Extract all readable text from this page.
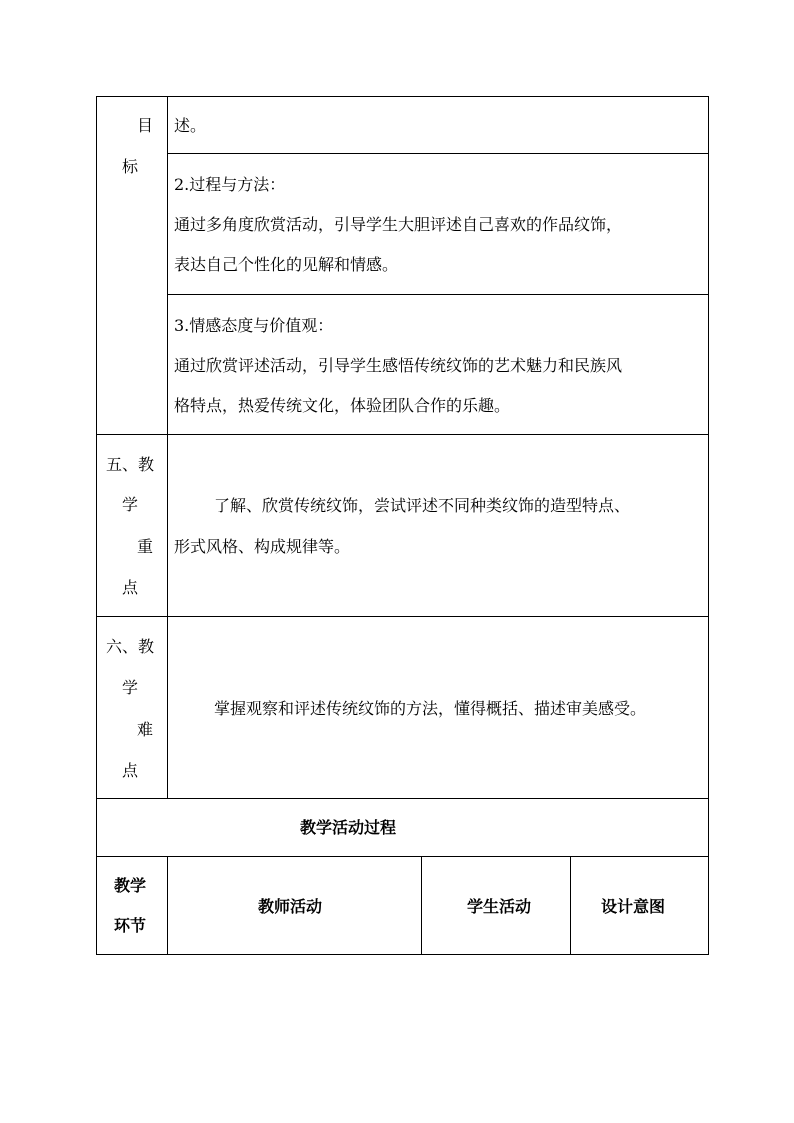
目
标
述。
2.过程与方法：
通过多角度欣赏活动，引导学生大胆评述自己喜欢的作品纹饰，
表达自己个性化的见解和情感。
3.情感态度与价值观：
通过欣赏评述活动，引导学生感悟传统纹饰的艺术魅力和民族风
格特点，热爱传统文化，体验团队合作的乐趣。
五、教
学
重
点
了解、欣赏传统纹饰，尝试评述不同种类纹饰的造型特点、
形式风格、构成规律等。
六、教
学
难
点
掌握观察和评述传统纹饰的方法，懂得概括、描述审美感受。
教学活动过程
教学
环节
教师活动	学生活动	设计意图
